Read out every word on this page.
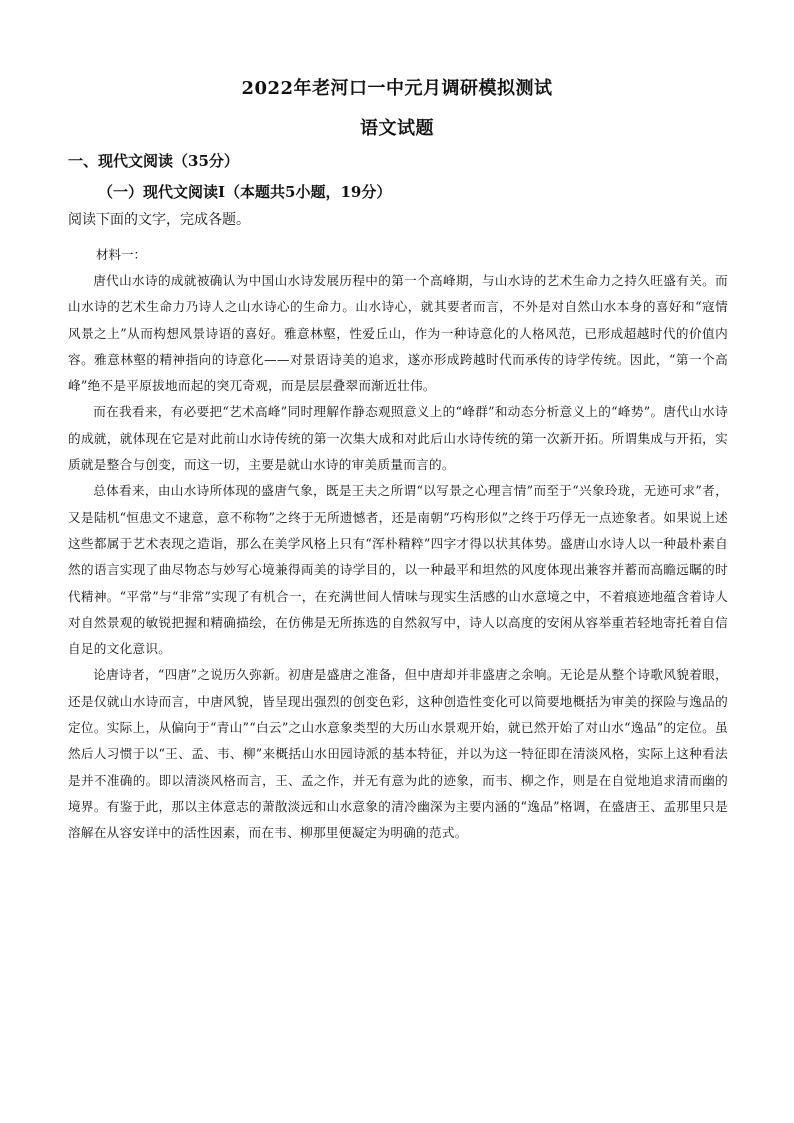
2022年老河口一中元月调研模拟测试
语文试题
一、现代文阅读（35分）
（一）现代文阅读Ⅰ（本题共5小题，19分）
阅读下面的文字，完成各题。
材料一：

唐代山水诗的成就被确认为中国山水诗发展历程中的第一个高峰期，与山水诗的艺术生命力之持久旺盛有关。而山水诗的艺术生命力乃诗人之山水诗心的生命力。山水诗心，就其要者而言，不外是对自然山水本身的喜好和“寇情风景之上”从而构想风景诗语的喜好。雅意林壑，性爱丘山，作为一种诗意化的人格风范，已形成超越时代的价值内容。雅意林壑的精神指向的诗意化——对景语诗美的追求，遂亦形成跨越时代而承传的诗学传统。因此，“第一个高峰”绝不是平原拔地而起的突兀奇观，而是层层叠翠而渐近壮伟。

而在我看来，有必要把“艺术高峰”同时理解作静态观照意义上的“峰群”和动态分析意义上的“峰势”。唐代山水诗的成就，就体现在它是对此前山水诗传统的第一次集大成和对此后山水诗传统的第一次新开拓。所谓集成与开拓，实质就是整合与创变，而这一切，主要是就山水诗的审美质量而言的。

总体看来，由山水诗所体现的盛唐气象，既是王夫之所谓“以写景之心理言情”而至于“兴象玲珑，无迹可求”者，又是陆机“恒患文不逮意，意不称物”之终于无所遗憾者，还是南朝“巧构形似”之终于巧俘无一点迹象者。如果说上述这些都属于艺术表现之造诣，那么在美学风格上只有“浑朴精粹”四字才得以状其体势。盛唐山水诗人以一种最朴素自然的语言实现了曲尽物态与妙写心境兼得両美的诗学目的，以一种最平和坦然的风度体现出兼容并蓄而高瞻远瞩的时代精神。“平常”与“非常”实现了有机合一，在充满世间人情味与现实生活感的山水意境之中，不着痕迹地蕴含着诗人对自然景观的敏锐把握和精确描绘，在仿佛是无所拣选的自然叙写中，诗人以高度的安闲从容举重若轻地寄托着自信自足的文化意识。

论唐诗者，“四唐”之说历久弥新。初唐是盛唐之准备，但中唐却并非盛唐之余响。无论是从整个诗歌风貌着眼，还是仅就山水诗而言，中唐风貌，皆呈现出强烈的创变色彩，这种创造性变化可以简要地概括为审美的探险与逸品的定位。实际上，从偏向于“青山”“白云”之山水意象类型的大历山水景观开始，就已然开始了对山水“逸品”的定位。虽然后人习惯于以“王、孟、韦、柳”来概括山水田园诗派的基本特征，并以为这一特征即在清淡风格，实际上这种看法是并不准确的。即以清淡风格而言，王、孟之作，并无有意为此的迹象，而韦、柳之作，则是在自觉地追求清而幽的境界。有鉴于此，那以主体意志的萧散淡远和山水意象的清冷幽深为主要内涵的“逸品”格调，在盛唐王、孟那里只是溶解在从容安详中的活性因素，而在韦、柳那里便凝定为明确的范式。
